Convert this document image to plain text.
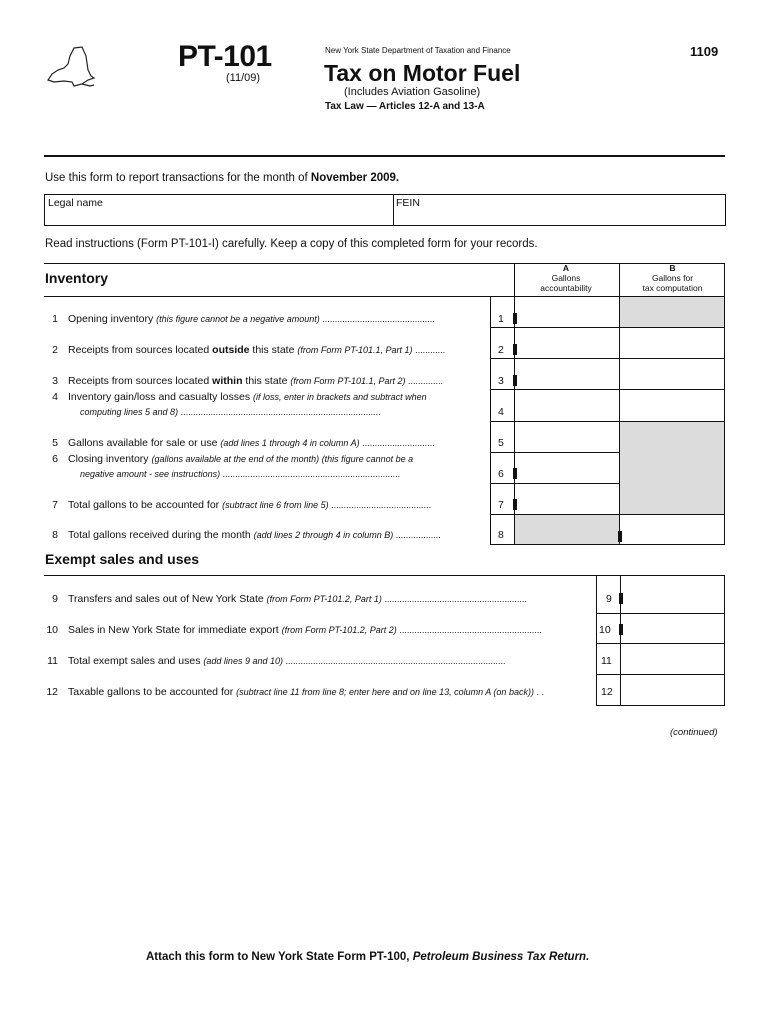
PT-101
(11/09)
New York State Department of Taxation and Finance
Tax on Motor Fuel
(Includes Aviation Gasoline)
Tax Law — Articles 12-A and 13-A
1109
Use this form to report transactions for the month of November 2009.
Legal name	FEIN
Read instructions (Form PT-101-I) carefully. Keep a copy of this completed form for your records.
Inventory
A
Gallons
accountability
B
Gallons for
tax computation
1 Opening inventory (this figure cannot be a negative amount) .............................................	1
2 Receipts from sources located outside this state (from Form PT-101.1, Part 1) ............	2
3 Receipts from sources located within this state (from Form PT-101.1, Part 2) ..............	3
4 Inventory gain/loss and casualty losses (if loss, enter in brackets and subtract when
computing lines 5 and 8) ................................................................................	4
5 Gallons available for sale or use (add lines 1 through 4 in column A) .............................	5
6 Closing inventory (gallons available at the end of the month) (this figure cannot be a
negative amount - see instructions) .......................................................................	6
7 Total gallons to be accounted for (subtract line 6 from line 5) ........................................	7
8 Total gallons received during the month (add lines 2 through 4 in column B) ..................	8
Exempt sales and uses
9 Transfers and sales out of New York State (from Form PT-101.2, Part 1) .........................................................	9
10 Sales in New York State for immediate export (from Form PT-101.2, Part 2) .........................................................	10
11 Total exempt sales and uses (add lines 9 and 10) ........................................................................................	11
12 Taxable gallons to be accounted for (subtract line 11 from line 8; enter here and on line 13, column A (on back)) . .	12
(continued)
Attach this form to New York State Form PT-100, Petroleum Business Tax Return.
